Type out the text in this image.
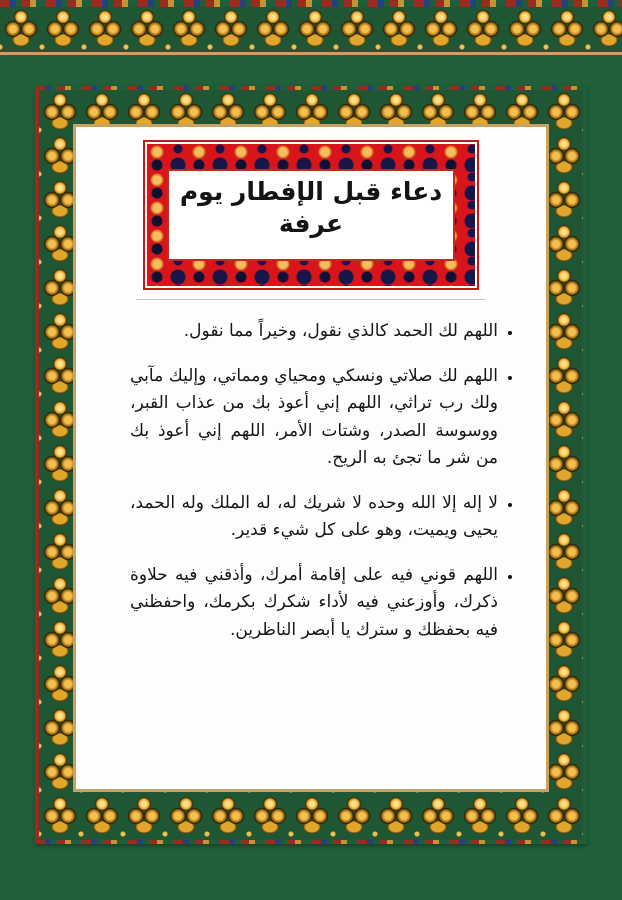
دعاء قبل الإفطار يوم عرفة
• اللهم لك الحمد كالذي نقول، وخيراً مما نقول.
• اللهم لك صلاتي ونسكي ومحياي ومماتي، وإليك مآبي ولك رب تراثي، اللهم إني أعوذ بك من عذاب القبر، ووسوسة الصدر، وشتات الأمر، اللهم إني أعوذ بك من شر ما تجئ به الريح.
• لا إله إلا الله وحده لا شريك له، له الملك وله الحمد، يحيى ويميت، وهو على كل شيء قدير.
• اللهم قوني فيه على إقامة أمرك، وأذقني فيه حلاوة ذكرك، وأوزعني فيه لأداء شكرك بكرمك، واحفظني فيه بحفظك و سترك يا أبصر الناظرين.
